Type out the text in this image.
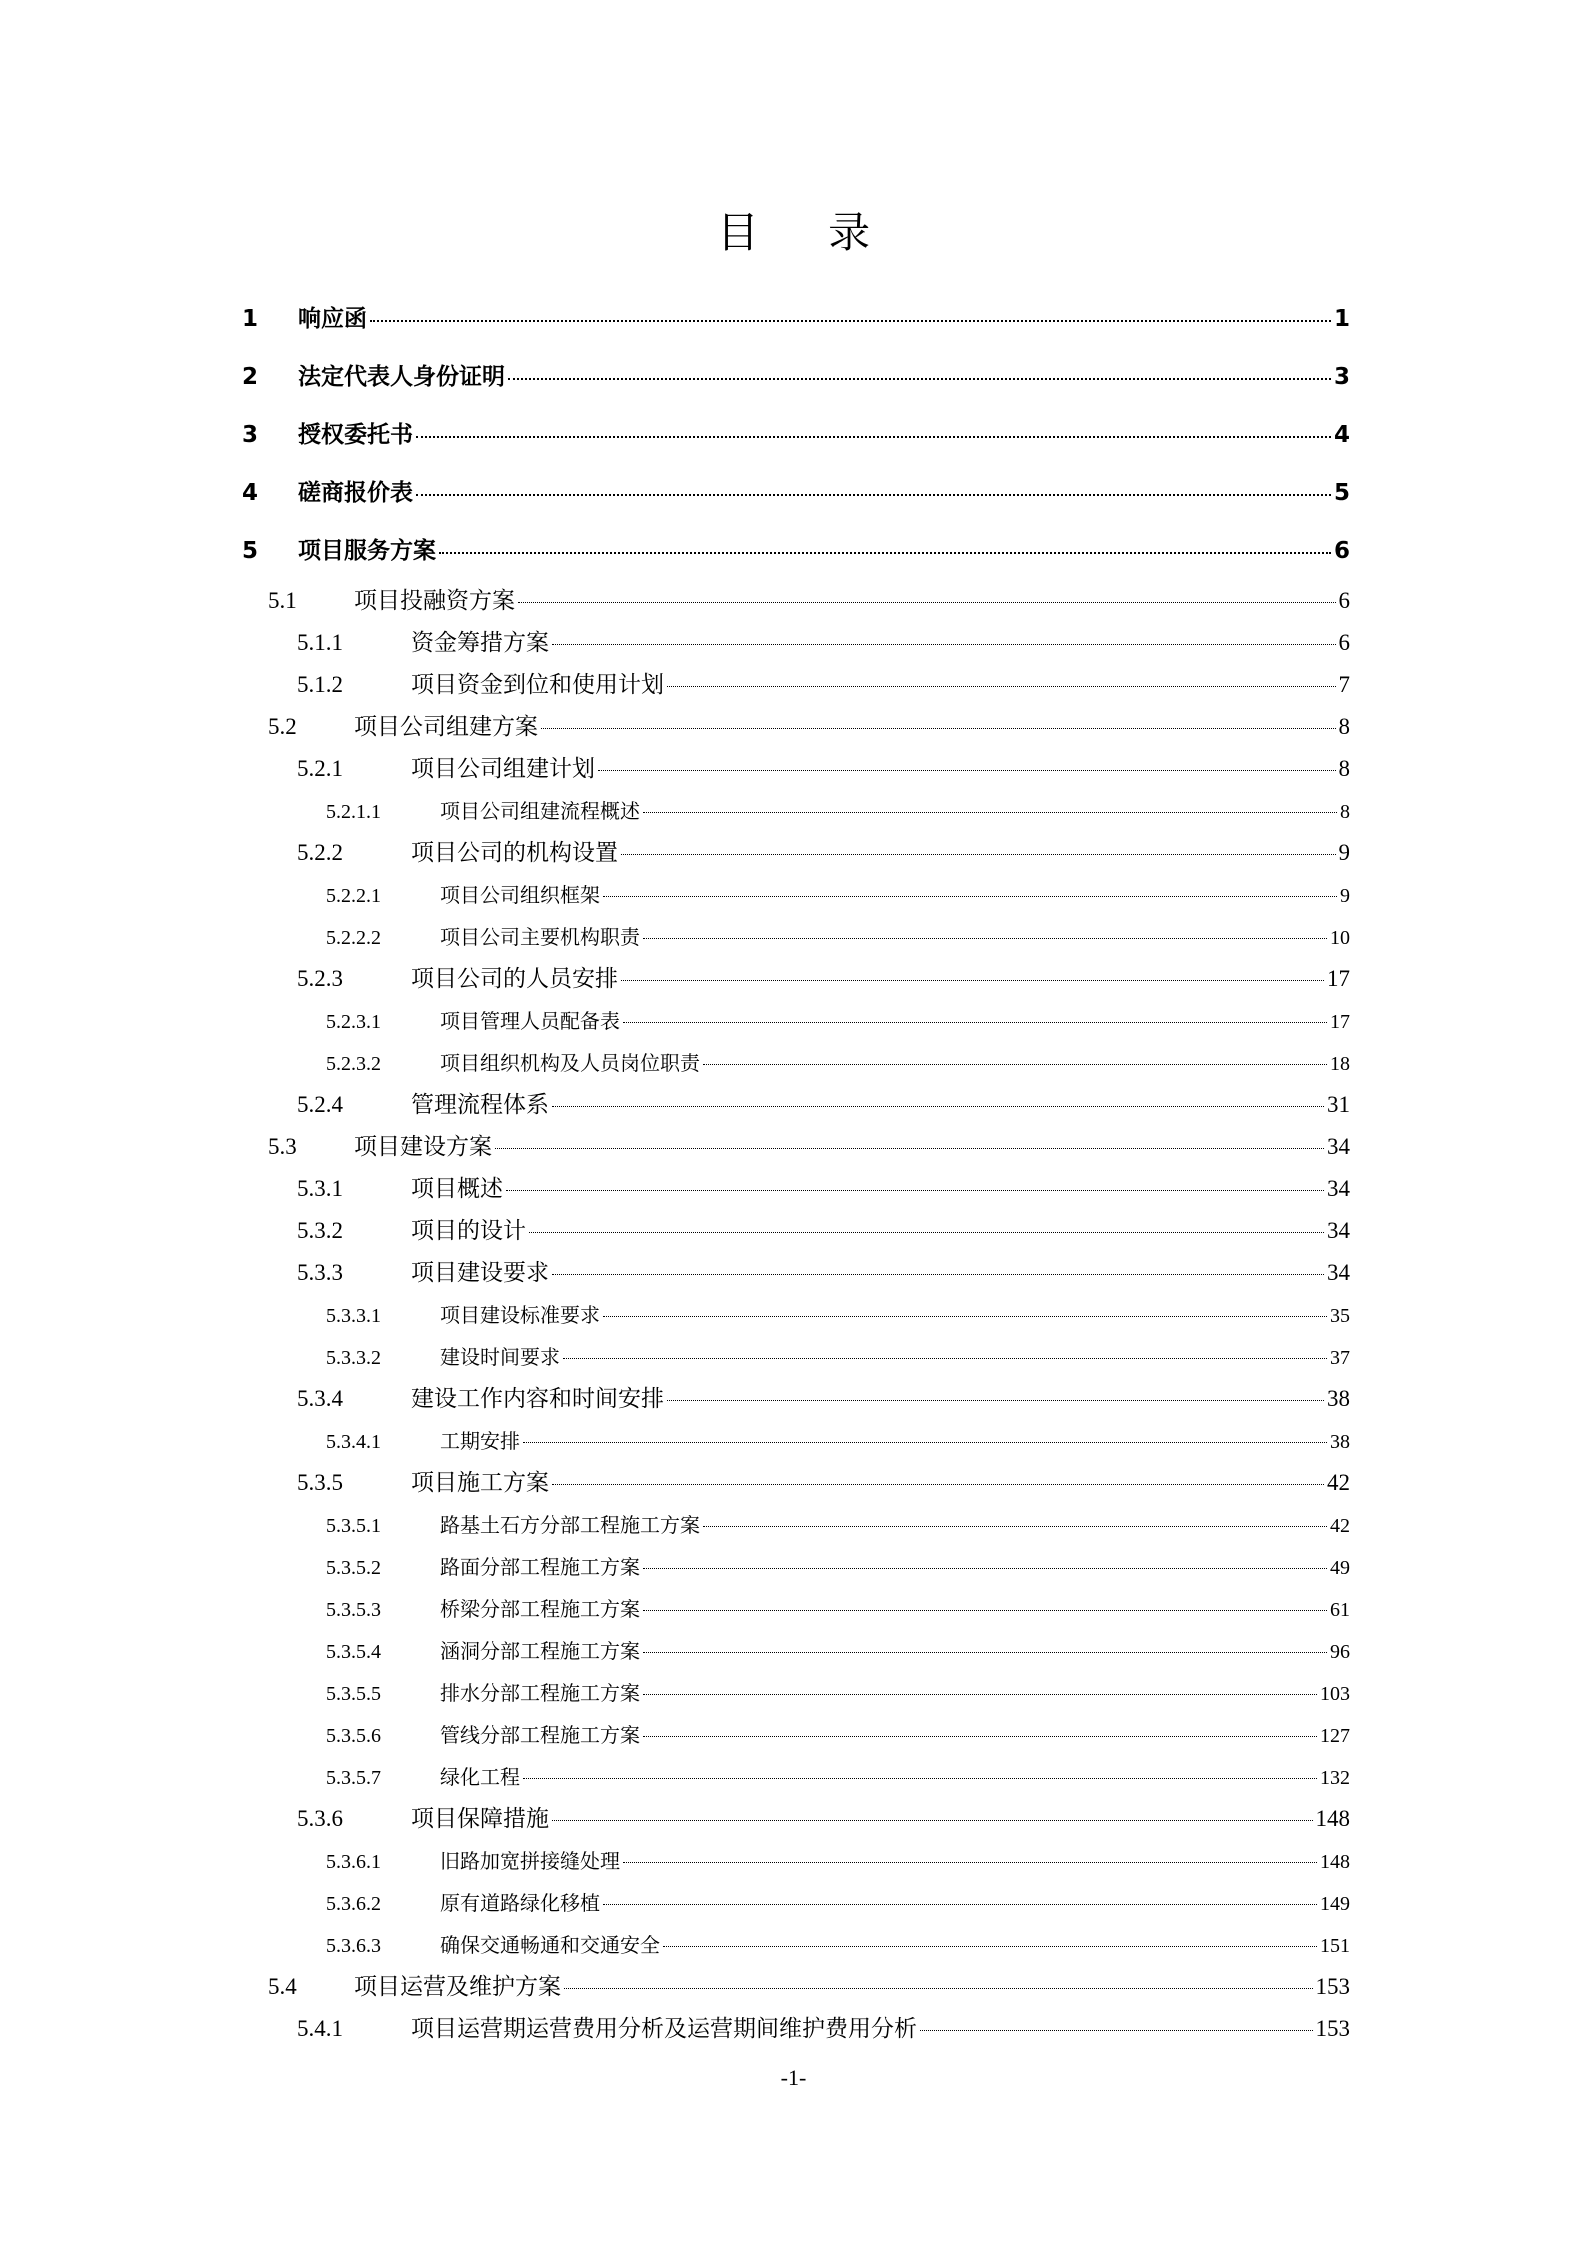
目 录
1	响应函	1
2	法定代表人身份证明	3
3	授权委托书	4
4	磋商报价表	5
5	项目服务方案	6
5.1	项目投融资方案	6
5.1.1	资金筹措方案	6
5.1.2	项目资金到位和使用计划	7
5.2	项目公司组建方案	8
5.2.1	项目公司组建计划	8
5.2.1.1	项目公司组建流程概述	8
5.2.2	项目公司的机构设置	9
5.2.2.1	项目公司组织框架	9
5.2.2.2	项目公司主要机构职责	10
5.2.3	项目公司的人员安排	17
5.2.3.1	项目管理人员配备表	17
5.2.3.2	项目组织机构及人员岗位职责	18
5.2.4	管理流程体系	31
5.3	项目建设方案	34
5.3.1	项目概述	34
5.3.2	项目的设计	34
5.3.3	项目建设要求	34
5.3.3.1	项目建设标准要求	35
5.3.3.2	建设时间要求	37
5.3.4	建设工作内容和时间安排	38
5.3.4.1	工期安排	38
5.3.5	项目施工方案	42
5.3.5.1	路基土石方分部工程施工方案	42
5.3.5.2	路面分部工程施工方案	49
5.3.5.3	桥梁分部工程施工方案	61
5.3.5.4	涵洞分部工程施工方案	96
5.3.5.5	排水分部工程施工方案	103
5.3.5.6	管线分部工程施工方案	127
5.3.5.7	绿化工程	132
5.3.6	项目保障措施	148
5.3.6.1	旧路加宽拼接缝处理	148
5.3.6.2	原有道路绿化移植	149
5.3.6.3	确保交通畅通和交通安全	151
5.4	项目运营及维护方案	153
5.4.1	项目运营期运营费用分析及运营期间维护费用分析	153
-1-
